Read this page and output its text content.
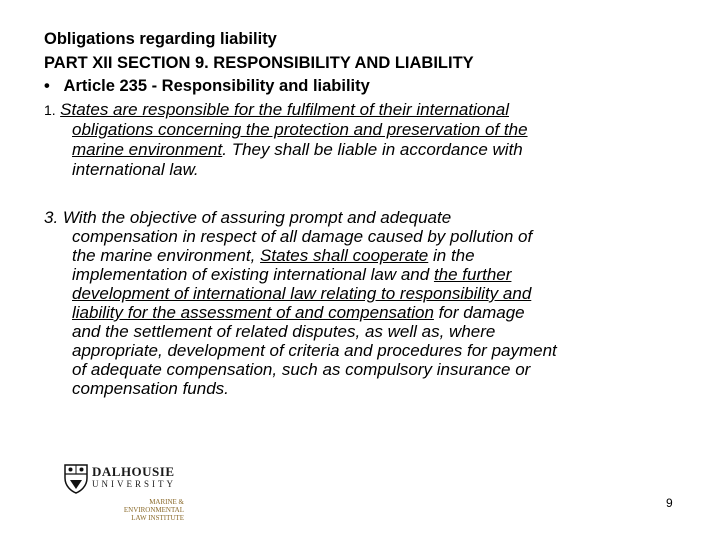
Obligations regarding liability
PART XII SECTION 9. RESPONSIBILITY AND LIABILITY
• Article 235 - Responsibility and liability
1. States are responsible for the fulfilment of their international
obligations concerning the protection and preservation of the
marine environment. They shall be liable in accordance with
international law.
3. With the objective of assuring prompt and adequate
compensation in respect of all damage caused by pollution of
the marine environment, States shall cooperate in the
implementation of existing international law and the further
development of international law relating to responsibility and
liability for the assessment of and compensation for damage
and the settlement of related disputes, as well as, where
appropriate, development of criteria and procedures for payment
of adequate compensation, such as compulsory insurance or
compensation funds.
DALHOUSIE
UNIVERSITY
MARINE &
ENVIRONMENTAL
LAW INSTITUTE
9
